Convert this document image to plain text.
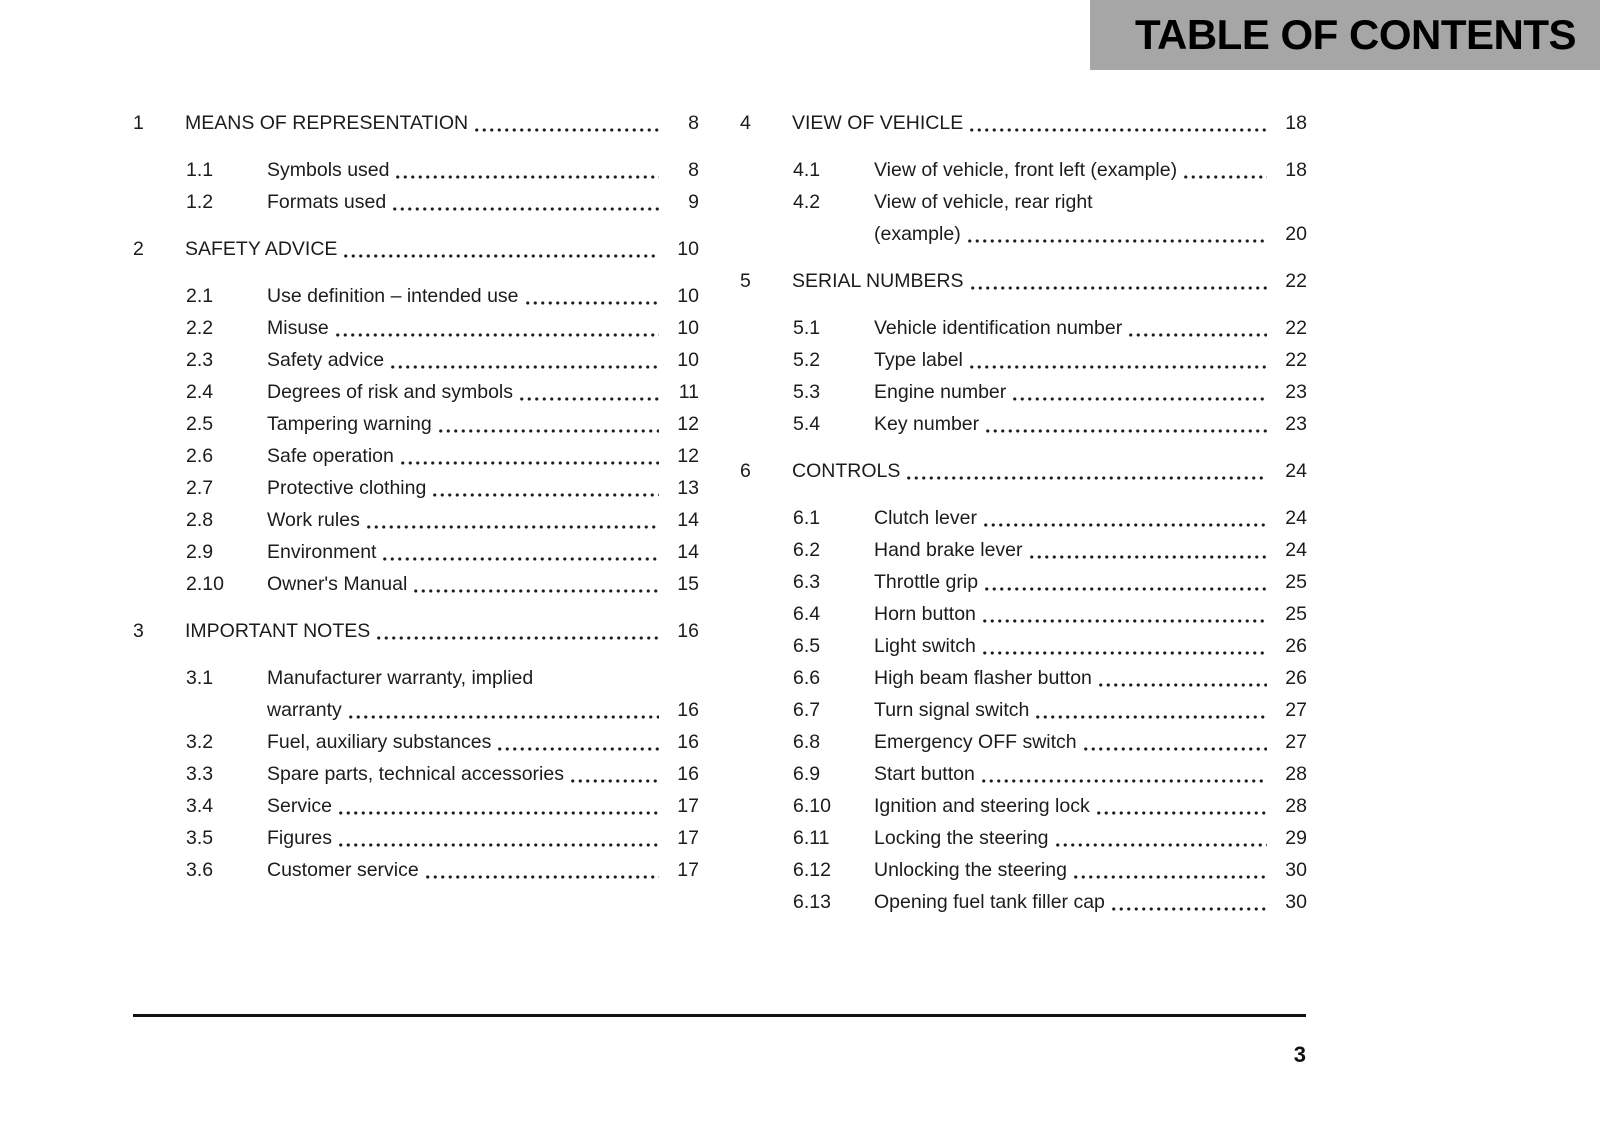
TABLE OF CONTENTS
1	MEANS OF REPRESENTATION	8
1.1	Symbols used	8
1.2	Formats used	9
2	SAFETY ADVICE	10
2.1	Use definition – intended use	10
2.2	Misuse	10
2.3	Safety advice	10
2.4	Degrees of risk and symbols	11
2.5	Tampering warning	12
2.6	Safe operation	12
2.7	Protective clothing	13
2.8	Work rules	14
2.9	Environment	14
2.10	Owner's Manual	15
3	IMPORTANT NOTES	16
3.1	Manufacturer warranty, implied
warranty	16
3.2	Fuel, auxiliary substances	16
3.3	Spare parts, technical accessories	16
3.4	Service	17
3.5	Figures	17
3.6	Customer service	17
4	VIEW OF VEHICLE	18
4.1	View of vehicle, front left (example)	18
4.2	View of vehicle, rear right
(example)	20
5	SERIAL NUMBERS	22
5.1	Vehicle identification number	22
5.2	Type label	22
5.3	Engine number	23
5.4	Key number	23
6	CONTROLS	24
6.1	Clutch lever	24
6.2	Hand brake lever	24
6.3	Throttle grip	25
6.4	Horn button	25
6.5	Light switch	26
6.6	High beam flasher button	26
6.7	Turn signal switch	27
6.8	Emergency OFF switch	27
6.9	Start button	28
6.10	Ignition and steering lock	28
6.11	Locking the steering	29
6.12	Unlocking the steering	30
6.13	Opening fuel tank filler cap	30
3
